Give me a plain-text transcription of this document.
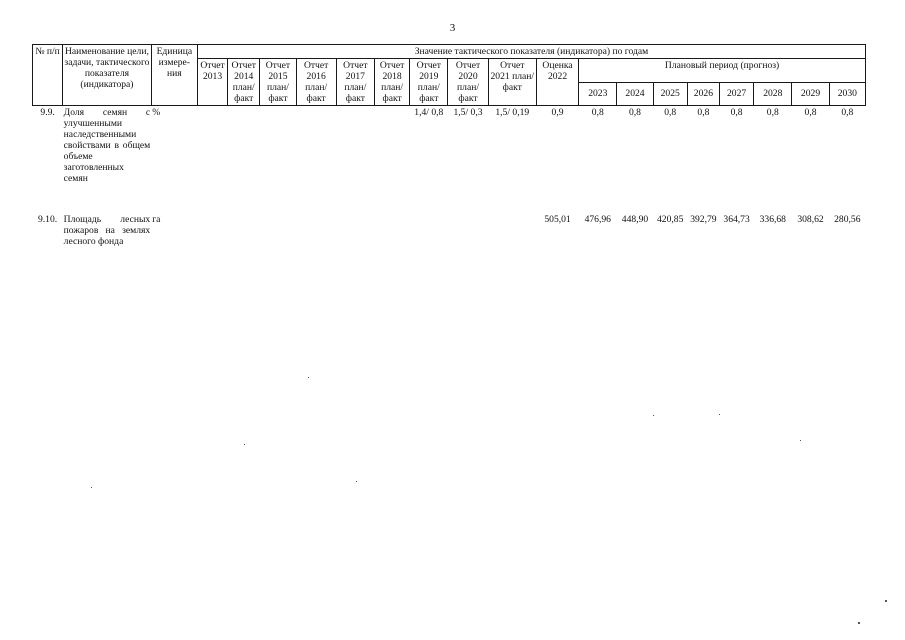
3
№ п/п	Наименование цели, задачи, тактического показателя (индикатора)	Единица измере-ния	Значение тактического показателя (индикатора) по годам																	
			Отчет 2013	Отчет 2014 план/ факт	Отчет 2015 план/ факт	Отчет 2016 план/ факт	Отчет 2017 план/ факт	Отчет 2018 план/ факт	Отчет 2019 план/ факт	Отчет 2020 план/ факт	Отчет 2021 план/ факт	Оценка 2022	Плановый период (прогноз)							
													2023	2024	2025	2026	2027	2028	2029	2030
9.9.	Доля семян с улучшенными наследственными свойствами в общем объеме заготовленных семян	%							1,4/ 0,8	1,5/ 0,3	1,5/ 0,19	0,9	0,8	0,8	0,8	0,8	0,8	0,8	0,8	0,8

9.10.	Площадь лесных пожаров на землях лесного фонда	га										505,01	476,96	448,90	420,85	392,79	364,73	336,68	308,62	280,56
